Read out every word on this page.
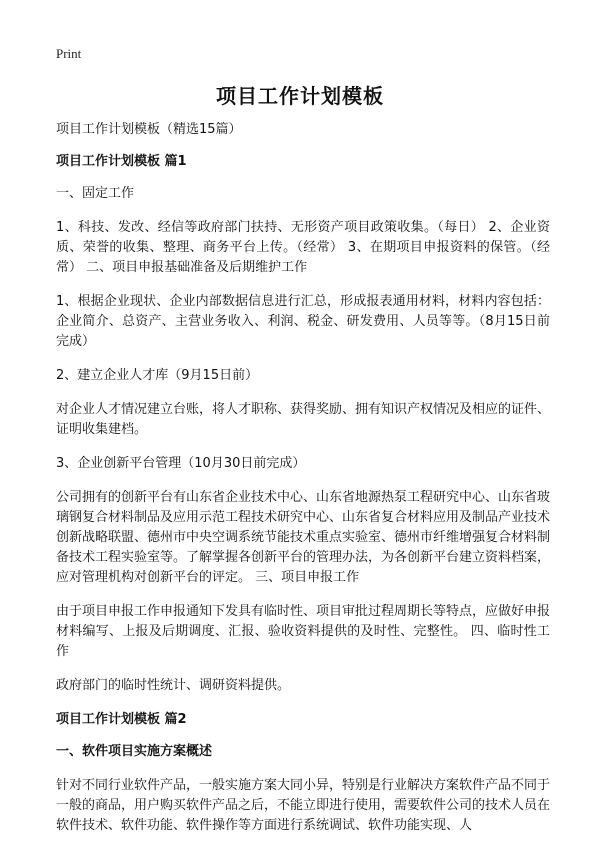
Print
项目工作计划模板

项目工作计划模板（精选15篇）

项目工作计划模板 篇1

一、固定工作

1、科技、发改、经信等政府部门扶持、无形资产项目政策收集。（每日） 2、企业资质、荣誉的收集、整理、商务平台上传。（经常） 3、在期项目申报资料的保管。（经常） 二、项目申报基础准备及后期维护工作

1、根据企业现状、企业内部数据信息进行汇总，形成报表通用材料，材料内容包括：企业简介、总资产、主营业务收入、利润、税金、研发费用、人员等等。（8月15日前完成）

2、建立企业人才库（9月15日前）

对企业人才情况建立台账，将人才职称、获得奖励、拥有知识产权情况及相应的证件、证明收集建档。

3、企业创新平台管理（10月30日前完成）

公司拥有的创新平台有山东省企业技术中心、山东省地源热泵工程研究中心、山东省玻璃钢复合材料制品及应用示范工程技术研究中心、山东省复合材料应用及制品产业技术创新战略联盟、德州市中央空调系统节能技术重点实验室、德州市纤维增强复合材料制备技术工程实验室等。了解掌握各创新平台的管理办法，为各创新平台建立资料档案，应对管理机构对创新平台的评定。 三、项目申报工作

由于项目申报工作申报通知下发具有临时性、项目审批过程周期长等特点，应做好申报材料编写、上报及后期调度、汇报、验收资料提供的及时性、完整性。 四、临时性工作

政府部门的临时性统计、调研资料提供。

项目工作计划模板 篇2

一、软件项目实施方案概述

针对不同行业软件产品，一般实施方案大同小异，特别是行业解决方案软件产品不同于一般的商品，用户购买软件产品之后，不能立即进行使用，需要软件公司的技术人员在软件技术、软件功能、软件操作等方面进行系统调试、软件功能实现、人
